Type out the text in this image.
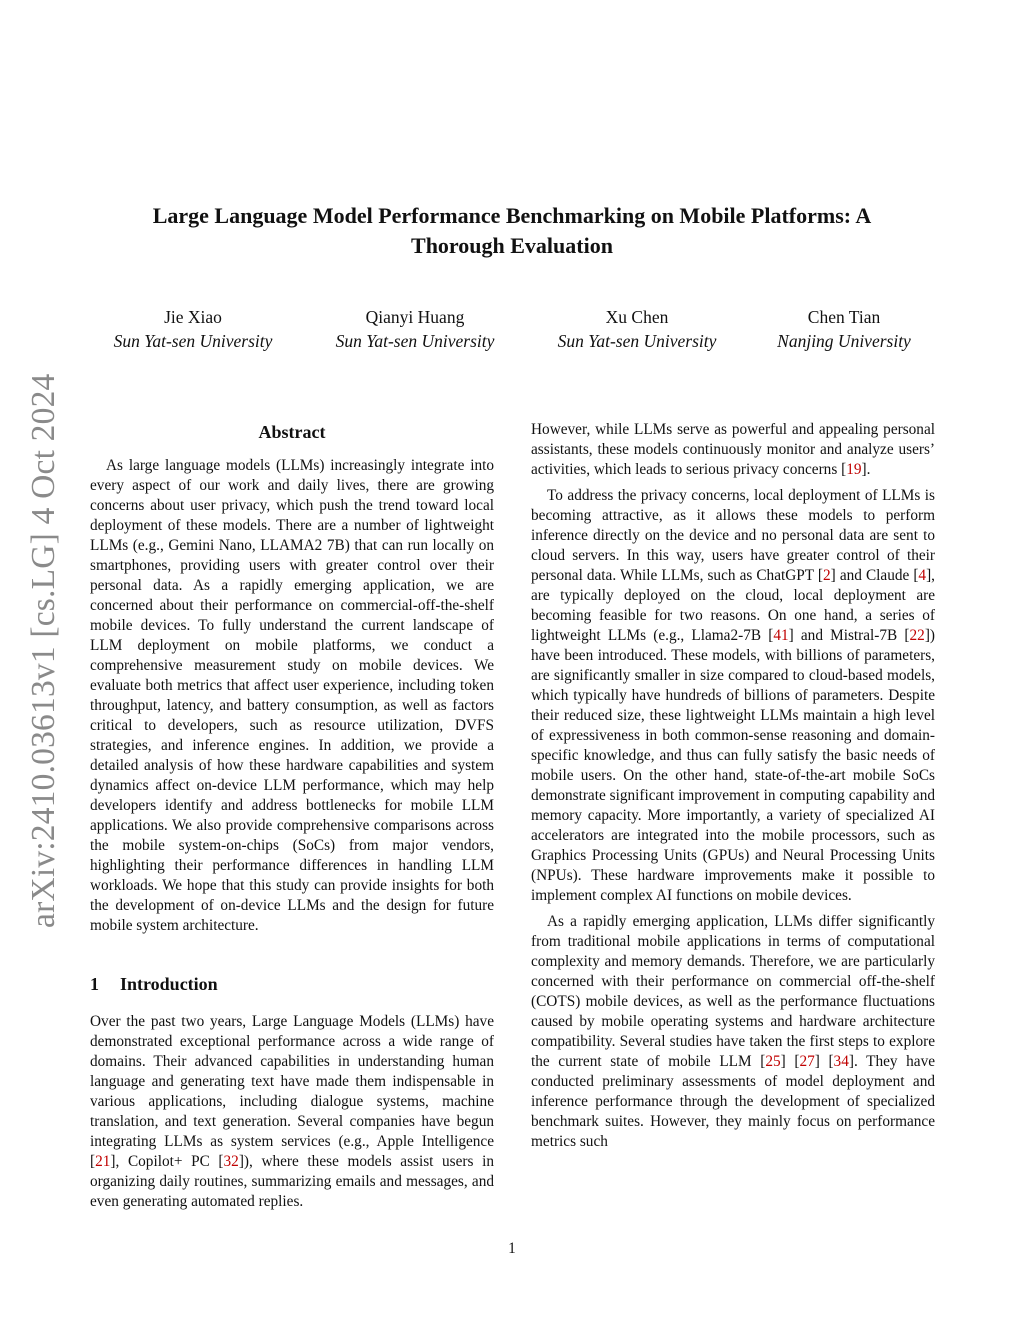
arXiv:2410.03613v1 [cs.LG] 4 Oct 2024
Large Language Model Performance Benchmarking on Mobile Platforms: A
Thorough Evaluation
Jie Xiao
Sun Yat-sen University
Qianyi Huang
Sun Yat-sen University
Xu Chen
Sun Yat-sen University
Chen Tian
Nanjing University
Abstract

As large language models (LLMs) increasingly integrate into every aspect of our work and daily lives, there are growing concerns about user privacy, which push the trend toward local deployment of these models. There are a number of lightweight LLMs (e.g., Gemini Nano, LLAMA2 7B) that can run locally on smartphones, providing users with greater control over their personal data. As a rapidly emerging application, we are concerned about their performance on commercial-off-the-shelf mobile devices. To fully understand the current landscape of LLM deployment on mobile platforms, we conduct a comprehensive measurement study on mobile devices. We evaluate both metrics that affect user experience, including token throughput, latency, and battery consumption, as well as factors critical to developers, such as resource utilization, DVFS strategies, and inference engines. In addition, we provide a detailed analysis of how these hardware capabilities and system dynamics affect on-device LLM performance, which may help developers identify and address bottlenecks for mobile LLM applications. We also provide comprehensive comparisons across the mobile system-on-chips (SoCs) from major vendors, highlighting their performance differences in handling LLM workloads. We hope that this study can provide insights for both the development of on-device LLMs and the design for future mobile system architecture.

1 Introduction

Over the past two years, Large Language Models (LLMs) have demonstrated exceptional performance across a wide range of domains. Their advanced capabilities in understanding human language and generating text have made them indispensable in various applications, including dialogue systems, machine translation, and text generation. Several companies have begun integrating LLMs as system services (e.g., Apple Intelligence [21], Copilot+ PC [32]), where these models assist users in organizing daily routines, summarizing emails and messages, and even generating automated replies.

However, while LLMs serve as powerful and appealing personal assistants, these models continuously monitor and analyze users’ activities, which leads to serious privacy concerns [19].

To address the privacy concerns, local deployment of LLMs is becoming attractive, as it allows these models to perform inference directly on the device and no personal data are sent to cloud servers. In this way, users have greater control of their personal data. While LLMs, such as ChatGPT [2] and Claude [4], are typically deployed on the cloud, local deployment are becoming feasible for two reasons. On one hand, a series of lightweight LLMs (e.g., Llama2-7B [41] and Mistral-7B [22]) have been introduced. These models, with billions of parameters, are significantly smaller in size compared to cloud-based models, which typically have hundreds of billions of parameters. Despite their reduced size, these lightweight LLMs maintain a high level of expressiveness in both common-sense reasoning and domain-specific knowledge, and thus can fully satisfy the basic needs of mobile users. On the other hand, state-of-the-art mobile SoCs demonstrate significant improvement in computing capability and memory capacity. More importantly, a variety of specialized AI accelerators are integrated into the mobile processors, such as Graphics Processing Units (GPUs) and Neural Processing Units (NPUs). These hardware improvements make it possible to implement complex AI functions on mobile devices.

As a rapidly emerging application, LLMs differ significantly from traditional mobile applications in terms of computational complexity and memory demands. Therefore, we are particularly concerned with their performance on commercial off-the-shelf (COTS) mobile devices, as well as the performance fluctuations caused by mobile operating systems and hardware architecture compatibility. Several studies have taken the first steps to explore the current state of mobile LLM [25] [27] [34]. They have conducted preliminary assessments of model deployment and inference performance through the development of specialized benchmark suites. However, they mainly focus on performance metrics such

1
